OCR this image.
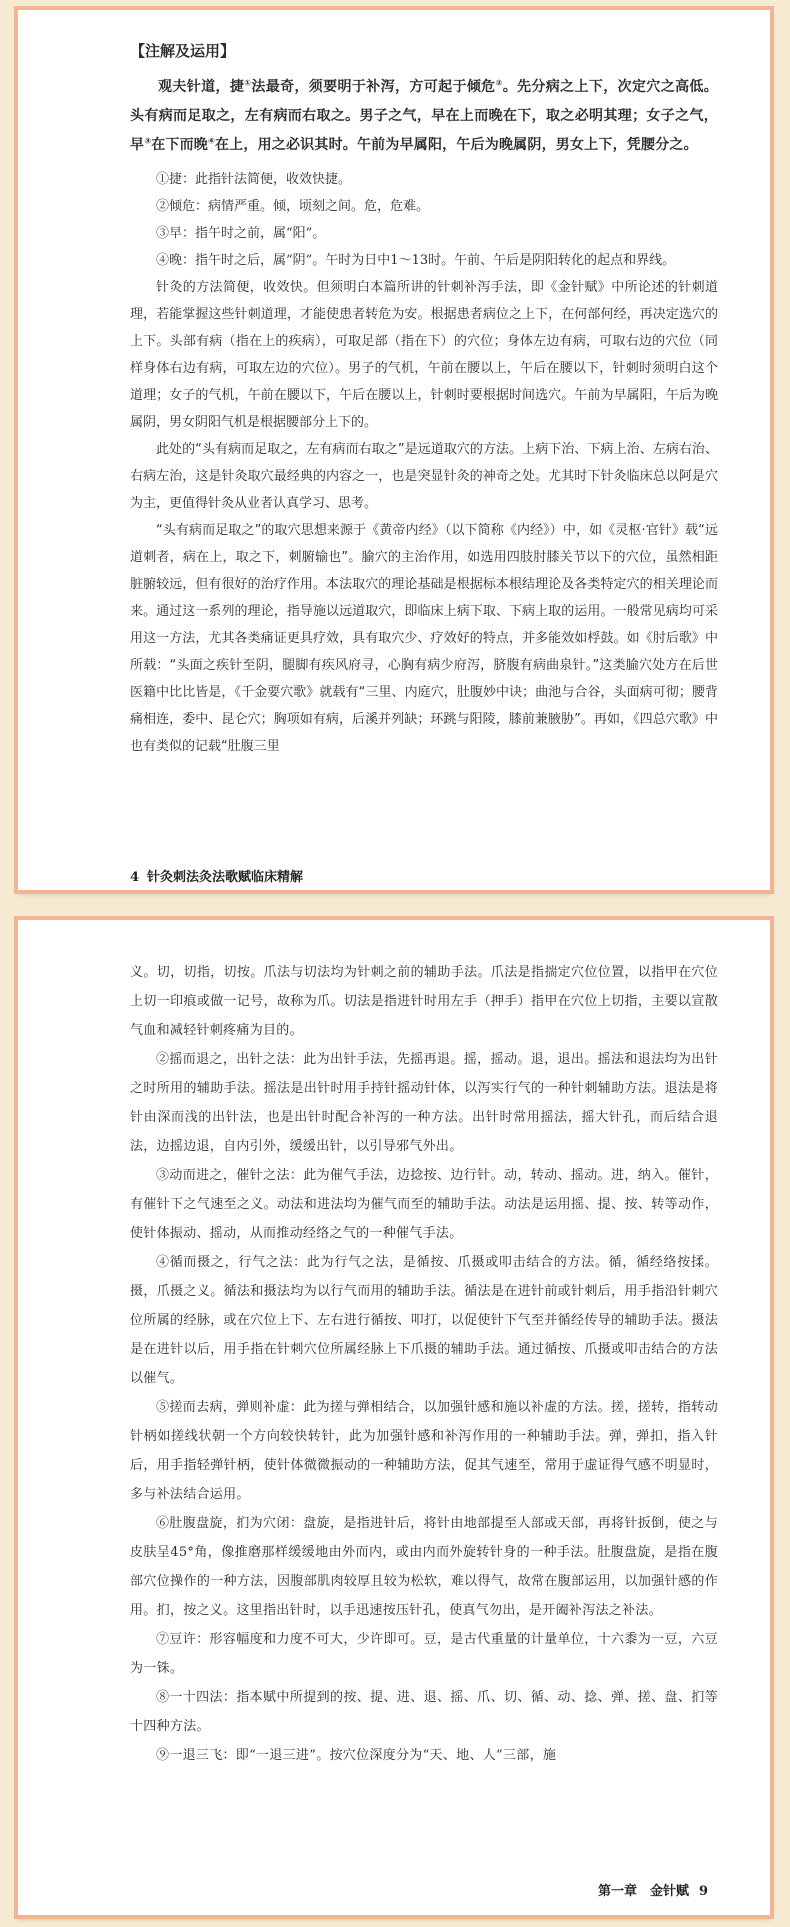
【注解及运用】

观夫针道，捷①法最奇，须要明于补泻，方可起于倾危②。先分病之上下，次定穴之高低。头有病而足取之，左有病而右取之。男子之气，早在上而晚在下，取之必明其理；女子之气，早③在下而晚④在上，用之必识其时。午前为早属阳，午后为晚属阴，男女上下，凭腰分之。

①捷：此指针法简便，收效快捷。

②倾危：病情严重。倾，顷刻之间。危，危难。

③早：指午时之前，属“阳”。

④晚：指午时之后，属“阴”。午时为日中1～13时。午前、午后是阴阳转化的起点和界线。

针灸的方法简便，收效快。但须明白本篇所讲的针刺补泻手法，即《金针赋》中所论述的针刺道理，若能掌握这些针刺道理，才能使患者转危为安。根据患者病位之上下，在何部何经，再决定选穴的上下。头部有病（指在上的疾病），可取足部（指在下）的穴位；身体左边有病，可取右边的穴位（同样身体右边有病，可取左边的穴位）。男子的气机，午前在腰以上，午后在腰以下，针刺时须明白这个道理；女子的气机，午前在腰以下，午后在腰以上，针刺时要根据时间选穴。午前为早属阳，午后为晚属阴，男女阴阳气机是根据腰部分上下的。

此处的“头有病而足取之，左有病而右取之”是远道取穴的方法。上病下治、下病上治、左病右治、右病左治，这是针灸取穴最经典的内容之一，也是突显针灸的神奇之处。尤其时下针灸临床总以阿是穴为主，更值得针灸从业者认真学习、思考。

“头有病而足取之”的取穴思想来源于《黄帝内经》（以下简称《内经》）中，如《灵枢·官针》载“远道刺者，病在上，取之下，刺腑输也”。腧穴的主治作用，如选用四肢肘膝关节以下的穴位，虽然相距脏腑较远，但有很好的治疗作用。本法取穴的理论基础是根据标本根结理论及各类特定穴的相关理论而来。通过这一系列的理论，指导施以远道取穴，即临床上病下取、下病上取的运用。一般常见病均可采用这一方法，尤其各类痛证更具疗效，具有取穴少、疗效好的特点，并多能效如桴鼓。如《肘后歌》中所载：“头面之疾针至阴，腿脚有疾风府寻，心胸有病少府泻，脐腹有病曲泉针。”这类腧穴处方在后世医籍中比比皆是，《千金要穴歌》就载有“三里、内庭穴，肚腹妙中诀；曲池与合谷，头面病可彻；腰背痛相连，委中、昆仑穴；胸项如有病，后溪并列缺；环跳与阳陵，膝前兼腋胁”。再如，《四总穴歌》中也有类似的记载“肚腹三里

4 针灸刺法灸法歌赋临床精解

义。切，切指，切按。爪法与切法均为针刺之前的辅助手法。爪法是指揣定穴位位置，以指甲在穴位上切一印痕或做一记号，故称为爪。切法是指进针时用左手（押手）指甲在穴位上切指，主要以宣散气血和减轻针刺疼痛为目的。

②摇而退之，出针之法：此为出针手法，先摇再退。摇，摇动。退，退出。摇法和退法均为出针之时所用的辅助手法。摇法是出针时用手持针摇动针体，以泻实行气的一种针刺辅助方法。退法是将针由深而浅的出针法，也是出针时配合补泻的一种方法。出针时常用摇法，摇大针孔，而后结合退法，边摇边退，自内引外，缓缓出针，以引导邪气外出。

③动而进之，催针之法：此为催气手法，边捻按、边行针。动，转动、摇动。进，纳入。催针，有催针下之气速至之义。动法和进法均为催气而至的辅助手法。动法是运用摇、提、按、转等动作，使针体振动、摇动，从而推动经络之气的一种催气手法。

④循而摄之，行气之法：此为行气之法，是循按、爪摄或叩击结合的方法。循，循经络按揉。摄，爪摄之义。循法和摄法均为以行气而用的辅助手法。循法是在进针前或针刺后，用手指沿针刺穴位所属的经脉，或在穴位上下、左右进行循按、叩打，以促使针下气至并循经传导的辅助手法。摄法是在进针以后，用手指在针刺穴位所属经脉上下爪摄的辅助手法。通过循按、爪摄或叩击结合的方法以催气。

⑤搓而去病，弹则补虚：此为搓与弹相结合，以加强针感和施以补虚的方法。搓，搓转，指转动针柄如搓线状朝一个方向较快转针，此为加强针感和补泻作用的一种辅助手法。弹，弹扣，指入针后，用手指轻弹针柄，使针体微微振动的一种辅助方法，促其气速至，常用于虚证得气感不明显时，多与补法结合运用。

⑥肚腹盘旋，扪为穴闭：盘旋，是指进针后，将针由地部提至人部或天部，再将针扳倒，使之与皮肤呈45°角，像推磨那样缓缓地由外而内，或由内而外旋转针身的一种手法。肚腹盘旋，是指在腹部穴位操作的一种方法，因腹部肌肉较厚且较为松软，难以得气，故常在腹部运用，以加强针感的作用。扪，按之义。这里指出针时，以手迅速按压针孔，使真气勿出，是开阖补泻法之补法。

⑦豆许：形容幅度和力度不可大，少许即可。豆，是古代重量的计量单位，十六黍为一豆，六豆为一铢。

⑧一十四法：指本赋中所提到的按、提、进、退、摇、爪、切、循、动、捻、弹、搓、盘、扪等十四种方法。

⑨一退三飞：即“一退三进”。按穴位深度分为“天、地、人”三部，施

第一章　金针赋 9
